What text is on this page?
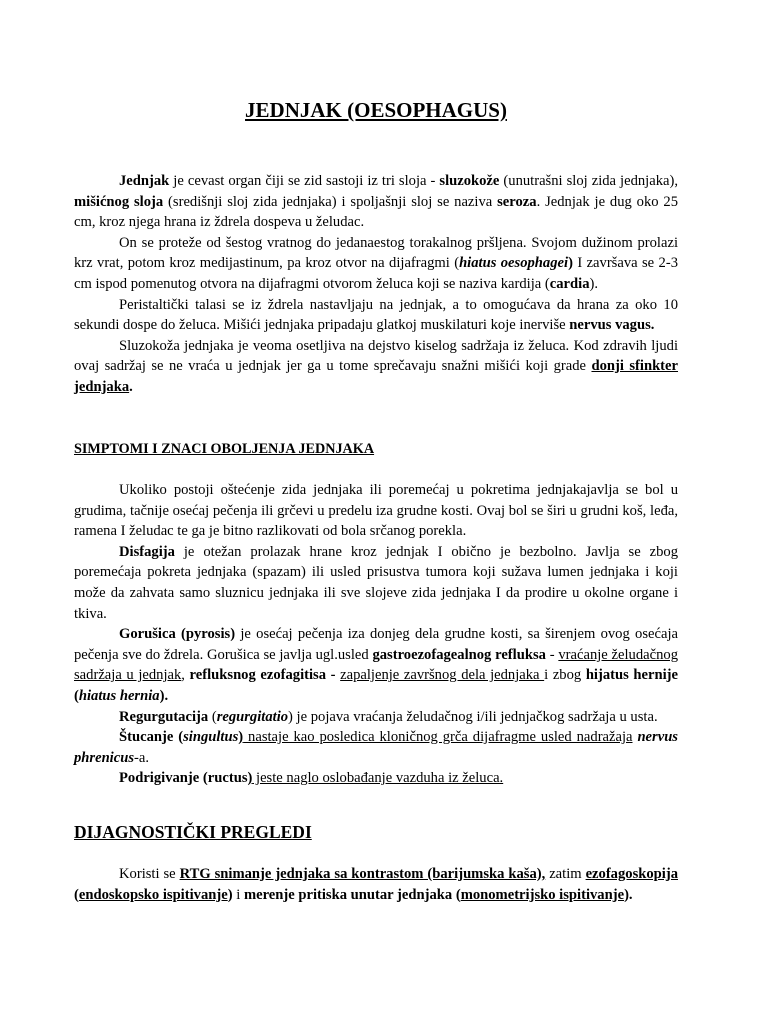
JEDNJAK (OESOPHAGUS)

Jednjak je cevast organ čiji se zid sastoji iz tri sloja - sluzokože (unutrašni sloj zida jednjaka), mišićnog sloja (središnji sloj zida jednjaka) i spoljašnji sloj se naziva seroza. Jednjak je dug oko 25 cm, kroz njega hrana iz ždrela dospeva u želudac.

On se proteže od šestog vratnog do jedanaestog torakalnog pršljena. Svojom dužinom prolazi krz vrat, potom kroz medijastinum, pa kroz otvor na dijafragmi (hiatus oesophagei) I završava se 2-3 cm ispod pomenutog otvora na dijafragmi otvorom želuca koji se naziva kardija (cardia).

Peristaltički talasi se iz ždrela nastavljaju na jednjak, a to omogućava da hrana za oko 10 sekundi dospe do želuca. Mišići jednjaka pripadaju glatkoj muskilaturi koje inerviše nervus vagus.

Sluzokoža jednjaka je veoma osetljiva na dejstvo kiselog sadržaja iz želuca. Kod zdravih ljudi ovaj sadržaj se ne vraća u jednjak jer ga u tome sprečavaju snažni mišići koji grade donji sfinkter jednjaka.

SIMPTOMI I ZNACI OBOLJENJA JEDNJAKA

Ukoliko postoji oštećenje zida jednjaka ili poremećaj u pokretima jednjakajavlja se bol u grudima, tačnije osećaj pečenja ili grčevi u predelu iza grudne kosti. Ovaj bol se širi u grudni koš, leđa, ramena I želudac te ga je bitno razlikovati od bola srčanog porekla.

Disfagija je otežan prolazak hrane kroz jednjak I obično je bezbolno. Javlja se zbog poremećaja pokreta jednjaka (spazam) ili usled prisustva tumora koji sužava lumen jednjaka i koji može da zahvata samo sluznicu jednjaka ili sve slojeve zida jednjaka I da prodire u okolne organe i tkiva.

Gorušica (pyrosis) je osećaj pečenja iza donjeg dela grudne kosti, sa širenjem ovog osećaja pečenja sve do ždrela. Gorušica se javlja ugl.usled gastroezofagealnog refluksa - vraćanje želudačnog sadržaja u jednjak, refluksnog ezofagitisa - zapaljenje završnog dela jednjaka i zbog hijatus hernije (hiatus hernia).

Regurgutacija (regurgitatio) je pojava vraćanja želudačnog i/ili jednjačkog sadržaja u usta.

Štucanje (singultus) nastaje kao posledica kloničnog grča dijafragme usled nadražaja nervus phrenicus-a.

Podrigivanje (ructus) jeste naglo oslobađanje vazduha iz želuca.

DIJAGNOSTIČKI PREGLEDI

Koristi se RTG snimanje jednjaka sa kontrastom (barijumska kaša), zatim ezofagoskopija (endoskopsko ispitivanje) i merenje pritiska unutar jednjaka (monometrijsko ispitivanje).
